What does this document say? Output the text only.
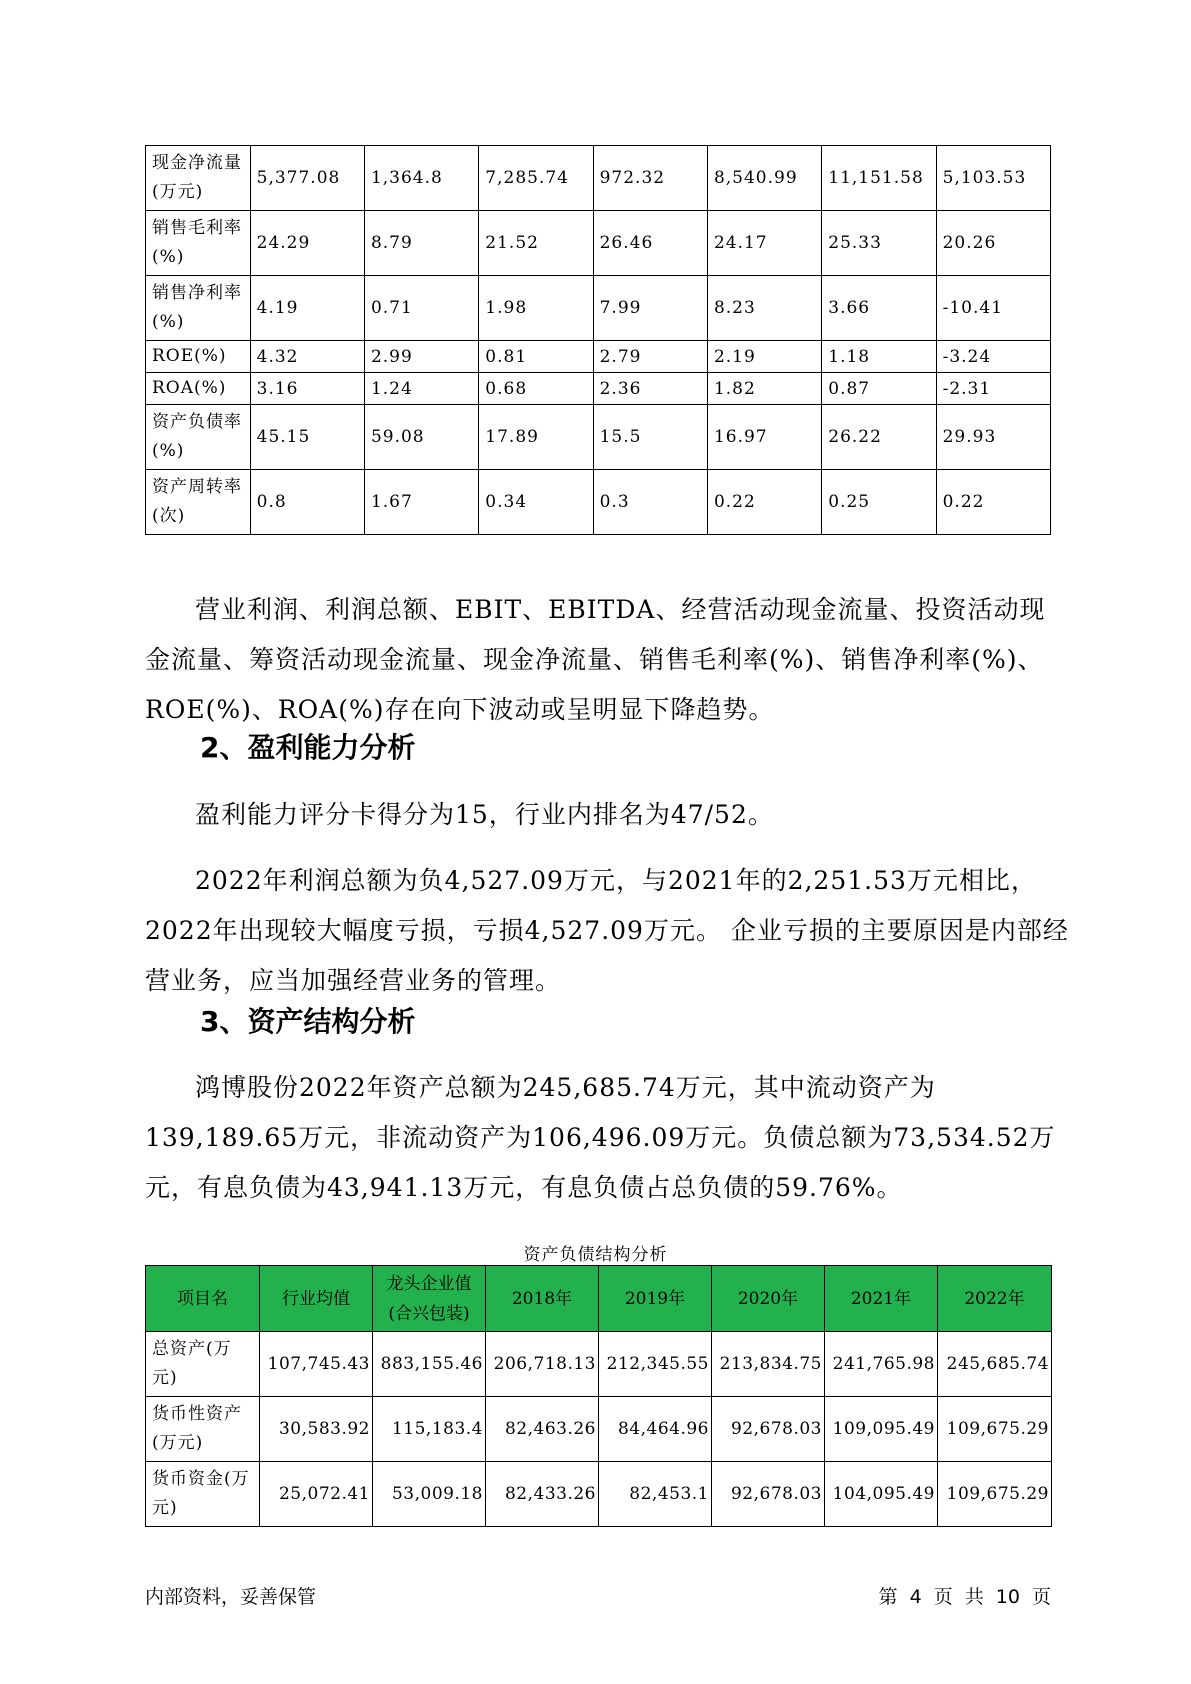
现金净流量(万元)	5,377.08	1,364.8	7,285.74	972.32	8,540.99	11,151.58	5,103.53
销售毛利率(%)	24.29	8.79	21.52	26.46	24.17	25.33	20.26
销售净利率(%)	4.19	0.71	1.98	7.99	8.23	3.66	-10.41
ROE(%)	4.32	2.99	0.81	2.79	2.19	1.18	-3.24
ROA(%)	3.16	1.24	0.68	2.36	1.82	0.87	-2.31
资产负债率(%)	45.15	59.08	17.89	15.5	16.97	26.22	29.93
资产周转率(次)	0.8	1.67	0.34	0.3	0.22	0.25	0.22

营业利润、利润总额、EBIT、EBITDA、经营活动现金流量、投资活动现金流量、筹资活动现金流量、现金净流量、销售毛利率(%)、销售净利率(%)、ROE(%)、ROA(%)存在向下波动或呈明显下降趋势。

2、盈利能力分析

盈利能力评分卡得分为15，行业内排名为47/52。

2022年利润总额为负4,527.09万元，与2021年的2,251.53万元相比，2022年出现较大幅度亏损，亏损4,527.09万元。 企业亏损的主要原因是内部经营业务，应当加强经营业务的管理。

3、资产结构分析

鸿博股份2022年资产总额为245,685.74万元，其中流动资产为139,189.65万元，非流动资产为106,496.09万元。负债总额为73,534.52万元，有息负债为43,941.13万元，有息负债占总负债的59.76%。

资产负债结构分析
项目名	行业均值	龙头企业值(合兴包装)	2018年	2019年	2020年	2021年	2022年
总资产(万元)	107,745.43	883,155.46	206,718.13	212,345.55	213,834.75	241,765.98	245,685.74
货币性资产(万元)	30,583.92	115,183.4	82,463.26	84,464.96	92,678.03	109,095.49	109,675.29
货币资金(万元)	25,072.41	53,009.18	82,433.26	82,453.1	92,678.03	104,095.49	109,675.29
内部资料，妥善保管	第 4 页 共 10 页
